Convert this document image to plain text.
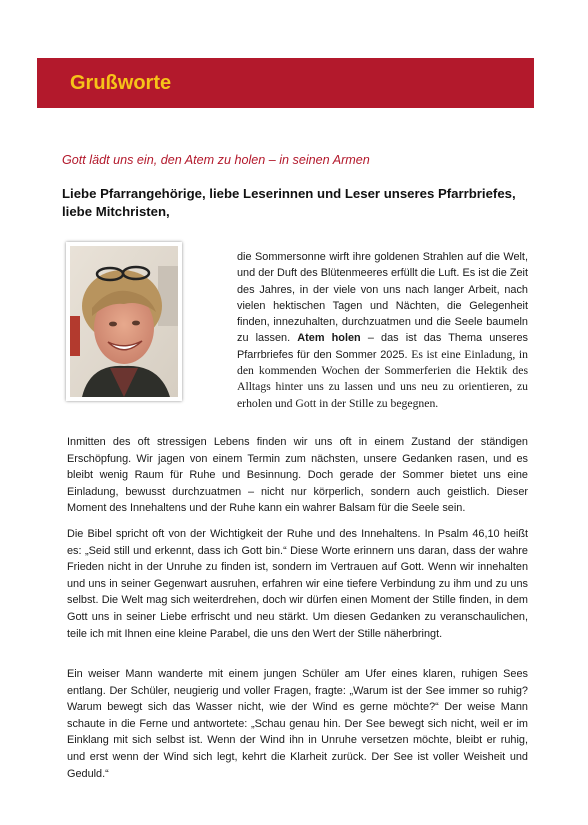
Grußworte

Gott lädt uns ein, den Atem zu holen – in seinen Armen

Liebe Pfarrangehörige, liebe Leserinnen und Leser unseres Pfarrbriefes, liebe Mitchristen,

die Sommersonne wirft ihre goldenen Strahlen auf die Welt, und der Duft des Blütenmeeres erfüllt die Luft. Es ist die Zeit des Jahres, in der viele von uns nach langer Arbeit, nach vielen hektischen Tagen und Nächten, die Gelegenheit finden, innezuhalten, durchzuatmen und die Seele baumeln zu lassen. Atem holen – das ist das Thema unseres Pfarrbriefes für den Sommer 2025. Es ist eine Einladung, in den kommenden Wochen der Sommerferien die Hektik des Alltags hinter uns zu lassen und uns neu zu orientieren, zu erholen und Gott in der Stille zu begegnen.

Inmitten des oft stressigen Lebens finden wir uns oft in einem Zustand der ständigen Erschöpfung. Wir jagen von einem Termin zum nächsten, unsere Gedanken rasen, und es bleibt wenig Raum für Ruhe und Besinnung. Doch gerade der Sommer bietet uns eine Einladung, bewusst durchzuatmen – nicht nur körperlich, sondern auch geistlich. Dieser Moment des Innehaltens und der Ruhe kann ein wahrer Balsam für die Seele sein.

Die Bibel spricht oft von der Wichtigkeit der Ruhe und des Innehaltens. In Psalm 46,10 heißt es: „Seid still und erkennt, dass ich Gott bin.“ Diese Worte erinnern uns daran, dass der wahre Frieden nicht in der Unruhe zu finden ist, sondern im Vertrauen auf Gott. Wenn wir innehalten und uns in seiner Gegenwart ausruhen, erfahren wir eine tiefere Verbindung zu ihm und zu uns selbst. Die Welt mag sich weiterdrehen, doch wir dürfen einen Moment der Stille finden, in dem Gott uns in seiner Liebe erfrischt und neu stärkt. Um diesen Gedanken zu veranschaulichen, teile ich mit Ihnen eine kleine Parabel, die uns den Wert der Stille näherbringt.

Ein weiser Mann wanderte mit einem jungen Schüler am Ufer eines klaren, ruhigen Sees entlang. Der Schüler, neugierig und voller Fragen, fragte: „Warum ist der See immer so ruhig? Warum bewegt sich das Wasser nicht, wie der Wind es gerne möchte?“ Der weise Mann schaute in die Ferne und antwortete: „Schau genau hin. Der See bewegt sich nicht, weil er im Einklang mit sich selbst ist. Wenn der Wind ihn in Unruhe versetzen möchte, bleibt er ruhig, und erst wenn der Wind sich legt, kehrt die Klarheit zurück. Der See ist voller Weisheit und Geduld.“
